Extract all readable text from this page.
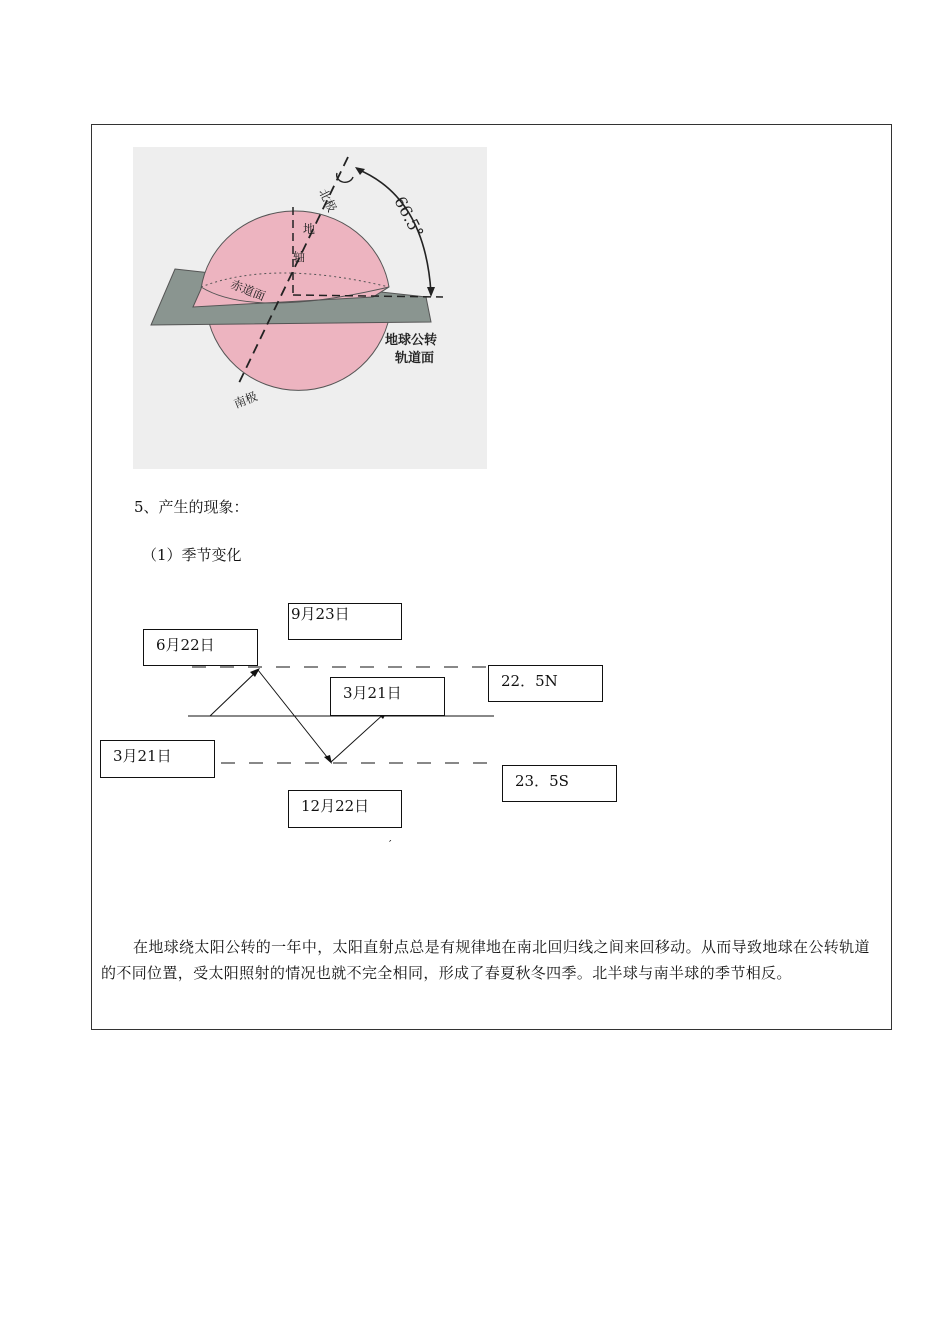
北极
地
轴
赤道面
66.5°
地球公转
轨道面
南极
5、产生的现象：
（1）季节变化
9月23日
6月22日
3月21日
22．5N
3月21日
23．5S
12月22日
′

在地球绕太阳公转的一年中，太阳直射点总是有规律地在南北回归线之间来回移动。从而导致地球在公转轨道的不同位置，受太阳照射的情况也就不完全相同，形成了春夏秋冬四季。北半球与南半球的季节相反。
